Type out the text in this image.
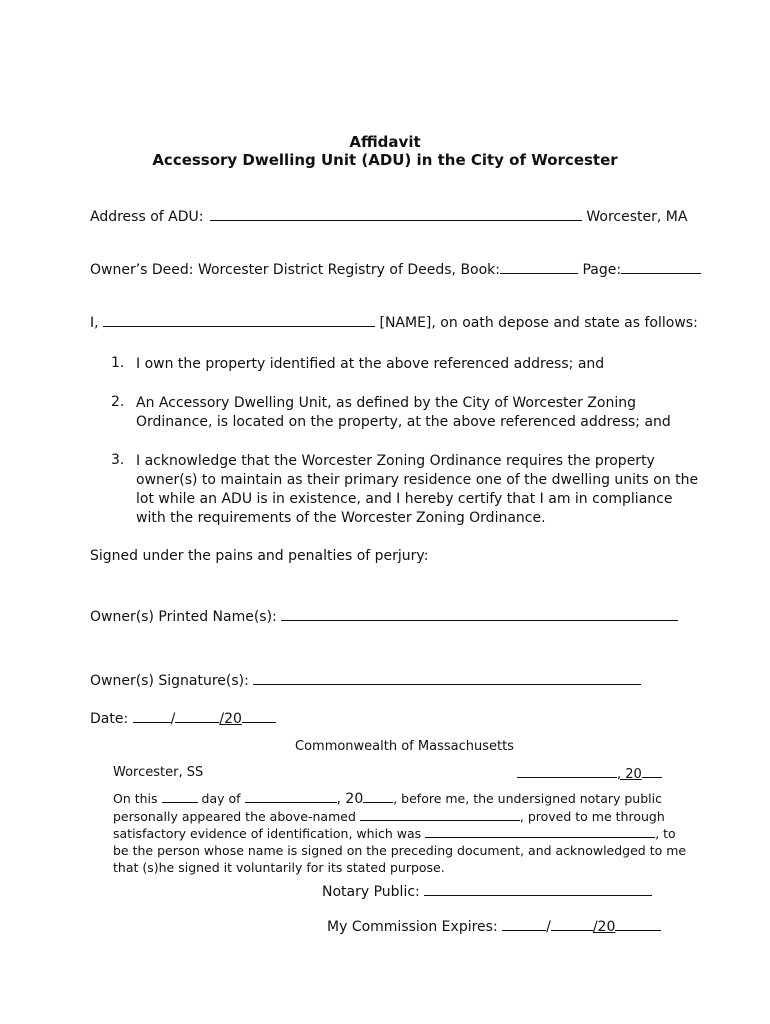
Affidavit
Accessory Dwelling Unit (ADU) in the City of Worcester
Address of ADU:	Worcester, MA
Owner’s Deed: Worcester District Registry of Deeds, Book:	Page:
I,	[NAME], on oath depose and state as follows:
1. I own the property identified at the above referenced address; and
2. An Accessory Dwelling Unit, as defined by the City of Worcester Zoning
Ordinance, is located on the property, at the above referenced address; and
3. I acknowledge that the Worcester Zoning Ordinance requires the property
owner(s) to maintain as their primary residence one of the dwelling units on the
lot while an ADU is in existence, and I hereby certify that I am in compliance
with the requirements of the Worcester Zoning Ordinance.
Signed under the pains and penalties of perjury:
Owner(s) Printed Name(s):
Owner(s) Signature(s):
Date:	/	/20
Commonwealth of Massachusetts
Worcester, SS	, 20
On this	day of	, 20 , before me, the undersigned notary public
personally appeared the above-named	, proved to me through
satisfactory evidence of identification, which was	, to
be the person whose name is signed on the preceding document, and acknowledged to me
that (s)he signed it voluntarily for its stated purpose.
Notary Public:
My Commission Expires:	/	/20
